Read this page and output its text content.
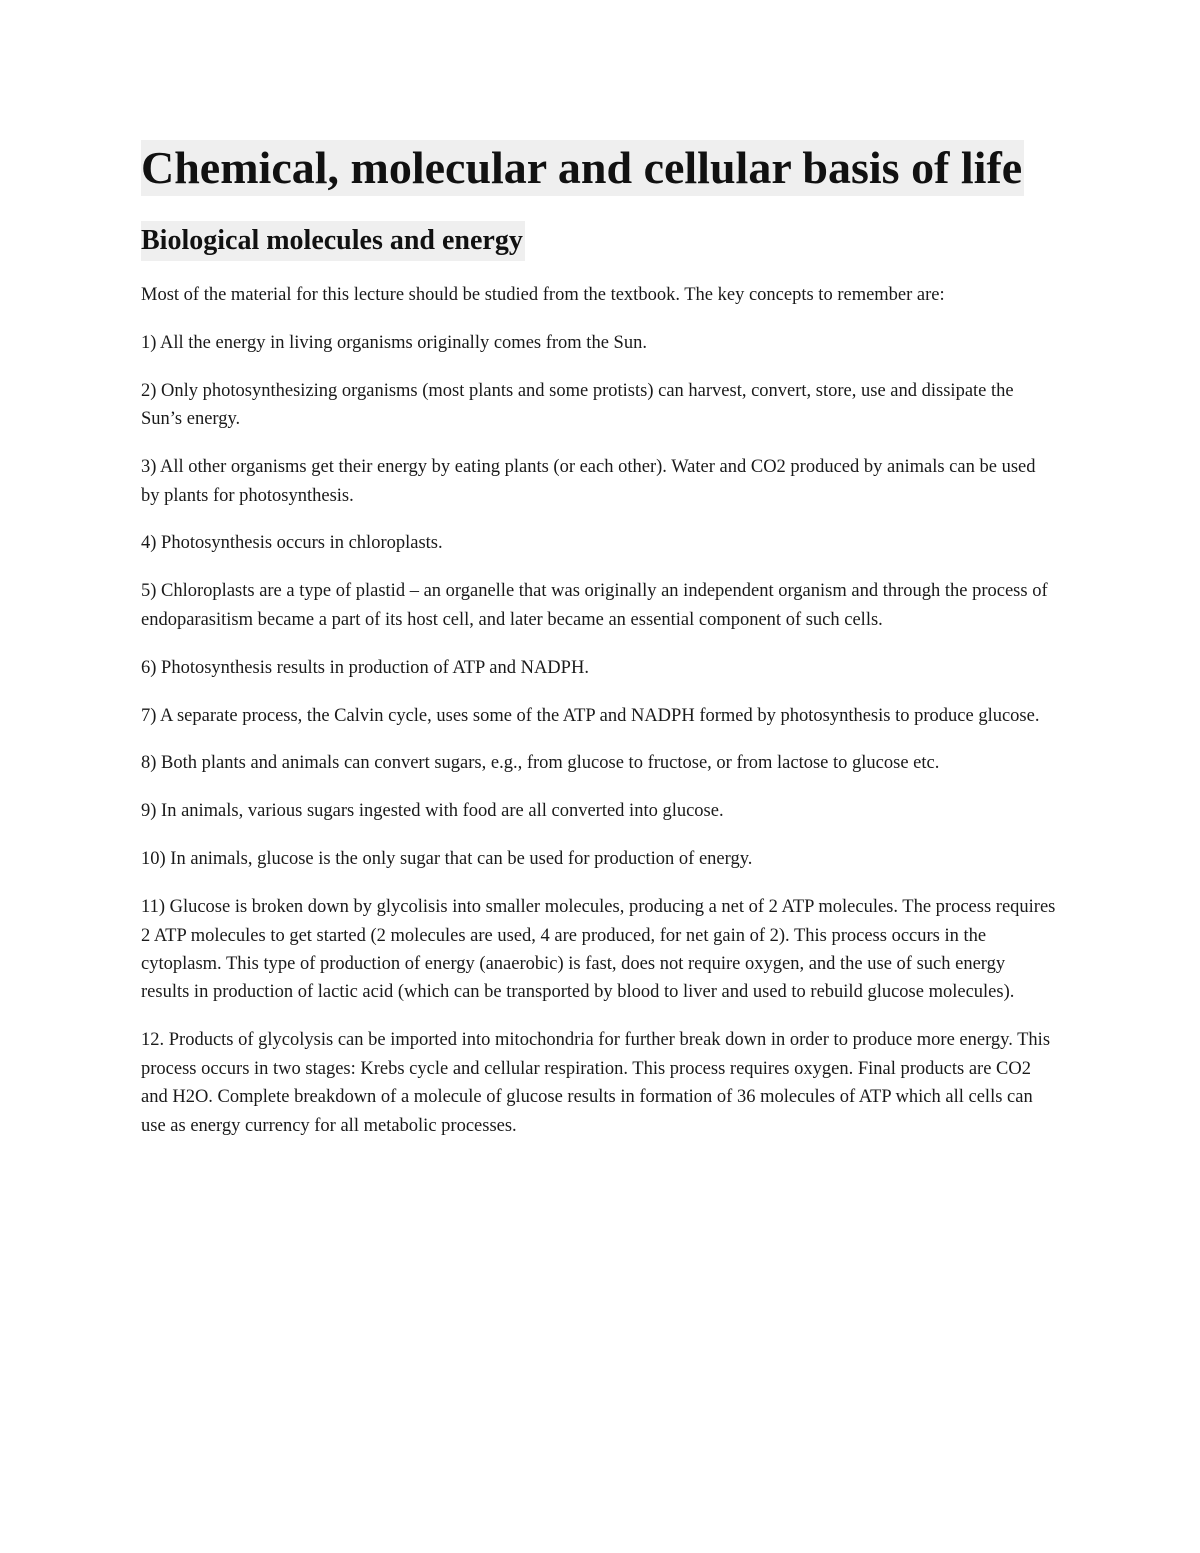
Chemical, molecular and cellular basis of life
Biological molecules and energy

Most of the material for this lecture should be studied from the textbook. The key concepts to remember are:

1) All the energy in living organisms originally comes from the Sun.

2) Only photosynthesizing organisms (most plants and some protists) can harvest, convert, store, use and dissipate the Sun’s energy.

3) All other organisms get their energy by eating plants (or each other). Water and CO2 produced by animals can be used by plants for photosynthesis.

4) Photosynthesis occurs in chloroplasts.

5) Chloroplasts are a type of plastid – an organelle that was originally an independent organism and through the process of endoparasitism became a part of its host cell, and later became an essential component of such cells.

6) Photosynthesis results in production of ATP and NADPH.

7) A separate process, the Calvin cycle, uses some of the ATP and NADPH formed by photosynthesis to produce glucose.

8) Both plants and animals can convert sugars, e.g., from glucose to fructose, or from lactose to glucose etc.

9) In animals, various sugars ingested with food are all converted into glucose.

10) In animals, glucose is the only sugar that can be used for production of energy.

11) Glucose is broken down by glycolisis into smaller molecules, producing a net of 2 ATP molecules. The process requires 2 ATP molecules to get started (2 molecules are used, 4 are produced, for net gain of 2). This process occurs in the cytoplasm. This type of production of energy (anaerobic) is fast, does not require oxygen, and the use of such energy results in production of lactic acid (which can be transported by blood to liver and used to rebuild glucose molecules).

12. Products of glycolysis can be imported into mitochondria for further break down in order to produce more energy. This process occurs in two stages: Krebs cycle and cellular respiration. This process requires oxygen. Final products are CO2 and H2O. Complete breakdown of a molecule of glucose results in formation of 36 molecules of ATP which all cells can use as energy currency for all metabolic processes.
